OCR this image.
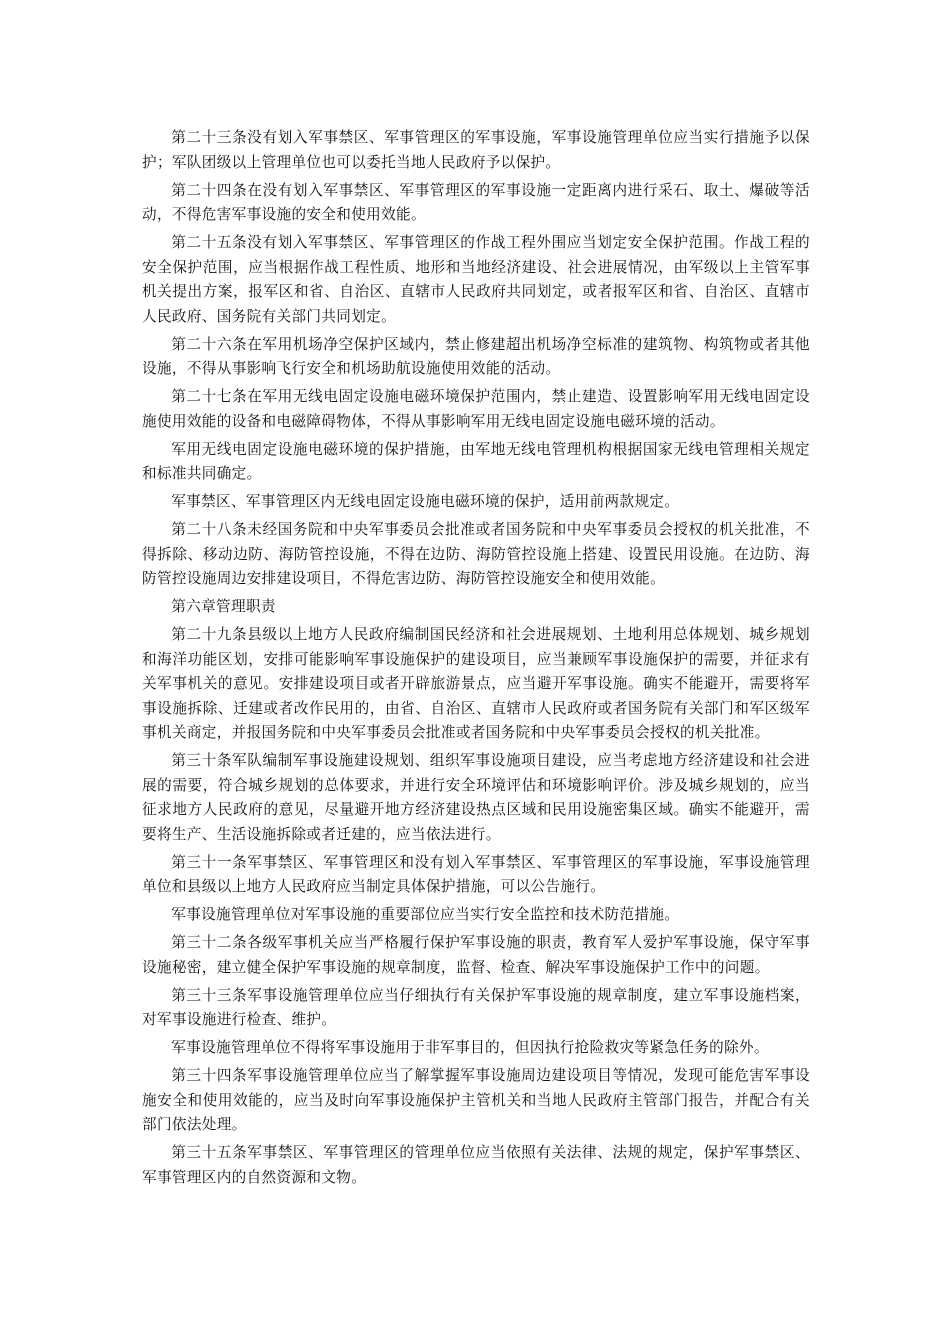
第二十三条没有划入军事禁区、军事管理区的军事设施，军事设施管理单位应当实行措施予以保护；军队团级以上管理单位也可以委托当地人民政府予以保护。

第二十四条在没有划入军事禁区、军事管理区的军事设施一定距离内进行采石、取土、爆破等活动，不得危害军事设施的安全和使用效能。

第二十五条没有划入军事禁区、军事管理区的作战工程外围应当划定安全保护范围。作战工程的安全保护范围，应当根据作战工程性质、地形和当地经济建设、社会进展情况，由军级以上主管军事机关提出方案，报军区和省、自治区、直辖市人民政府共同划定，或者报军区和省、自治区、直辖市人民政府、国务院有关部门共同划定。

第二十六条在军用机场净空保护区域内，禁止修建超出机场净空标准的建筑物、构筑物或者其他设施，不得从事影响飞行安全和机场助航设施使用效能的活动。

第二十七条在军用无线电固定设施电磁环境保护范围内，禁止建造、设置影响军用无线电固定设施使用效能的设备和电磁障碍物体，不得从事影响军用无线电固定设施电磁环境的活动。

军用无线电固定设施电磁环境的保护措施，由军地无线电管理机构根据国家无线电管理相关规定和标准共同确定。

军事禁区、军事管理区内无线电固定设施电磁环境的保护，适用前两款规定。

第二十八条未经国务院和中央军事委员会批准或者国务院和中央军事委员会授权的机关批准，不得拆除、移动边防、海防管控设施，不得在边防、海防管控设施上搭建、设置民用设施。在边防、海防管控设施周边安排建设项目，不得危害边防、海防管控设施安全和使用效能。

第六章管理职责

第二十九条县级以上地方人民政府编制国民经济和社会进展规划、土地利用总体规划、城乡规划和海洋功能区划，安排可能影响军事设施保护的建设项目，应当兼顾军事设施保护的需要，并征求有关军事机关的意见。安排建设项目或者开辟旅游景点，应当避开军事设施。确实不能避开，需要将军事设施拆除、迁建或者改作民用的，由省、自治区、直辖市人民政府或者国务院有关部门和军区级军事机关商定，并报国务院和中央军事委员会批准或者国务院和中央军事委员会授权的机关批准。

第三十条军队编制军事设施建设规划、组织军事设施项目建设，应当考虑地方经济建设和社会进展的需要，符合城乡规划的总体要求，并进行安全环境评估和环境影响评价。涉及城乡规划的，应当征求地方人民政府的意见，尽量避开地方经济建设热点区域和民用设施密集区域。确实不能避开，需要将生产、生活设施拆除或者迁建的，应当依法进行。

第三十一条军事禁区、军事管理区和没有划入军事禁区、军事管理区的军事设施，军事设施管理单位和县级以上地方人民政府应当制定具体保护措施，可以公告施行。

军事设施管理单位对军事设施的重要部位应当实行安全监控和技术防范措施。

第三十二条各级军事机关应当严格履行保护军事设施的职责，教育军人爱护军事设施，保守军事设施秘密，建立健全保护军事设施的规章制度，监督、检查、解决军事设施保护工作中的问题。

第三十三条军事设施管理单位应当仔细执行有关保护军事设施的规章制度，建立军事设施档案，对军事设施进行检查、维护。

军事设施管理单位不得将军事设施用于非军事目的，但因执行抢险救灾等紧急任务的除外。

第三十四条军事设施管理单位应当了解掌握军事设施周边建设项目等情况，发现可能危害军事设施安全和使用效能的，应当及时向军事设施保护主管机关和当地人民政府主管部门报告，并配合有关部门依法处理。

第三十五条军事禁区、军事管理区的管理单位应当依照有关法律、法规的规定，保护军事禁区、军事管理区内的自然资源和文物。
